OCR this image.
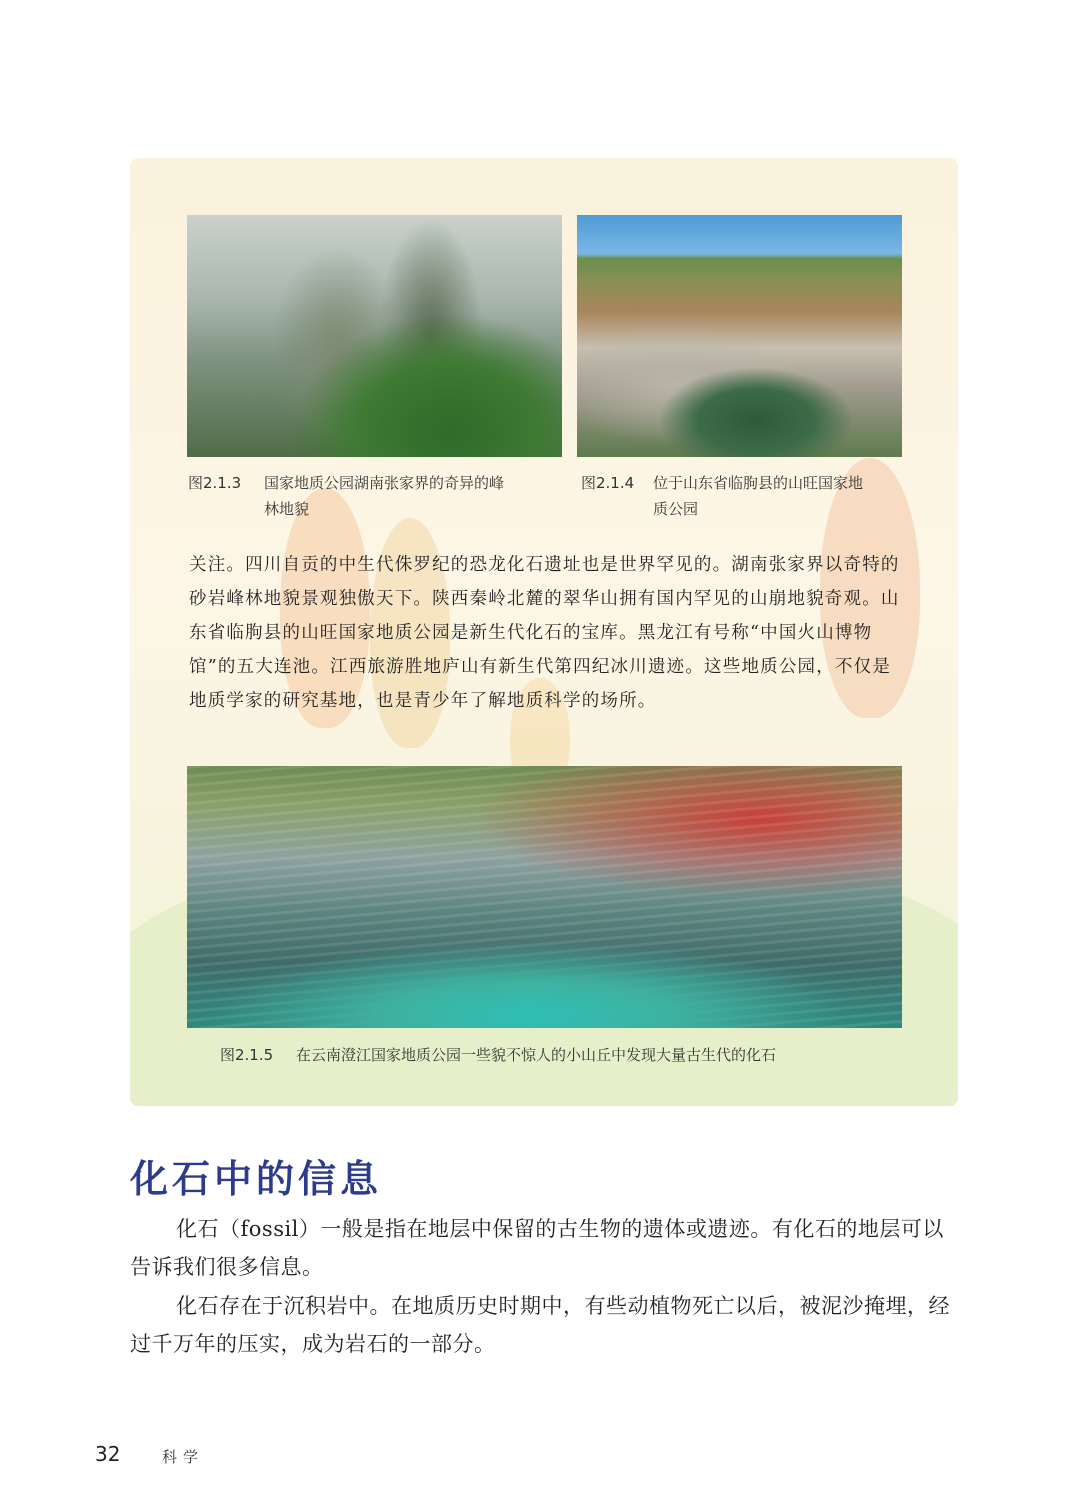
图2.1.3 国家地质公园湖南张家界的奇异的峰
林地貌
图2.1.4 位于山东省临朐县的山旺国家地
质公园

关注。四川自贡的中生代侏罗纪的恐龙化石遗址也是世界罕见的。湖南张家界以奇特的砂岩峰林地貌景观独傲天下。陕西秦岭北麓的翠华山拥有国内罕见的山崩地貌奇观。山东省临朐县的山旺国家地质公园是新生代化石的宝库。黑龙江有号称“中国火山博物馆”的五大连池。江西旅游胜地庐山有新生代第四纪冰川遗迹。这些地质公园，不仅是地质学家的研究基地，也是青少年了解地质科学的场所。

图2.1.5 在云南澄江国家地质公园一些貌不惊人的小山丘中发现大量古生代的化石
化石中的信息

化石（fossil）一般是指在地层中保留的古生物的遗体或遗迹。有化石的地层可以告诉我们很多信息。

化石存在于沉积岩中。在地质历史时期中，有些动植物死亡以后，被泥沙掩埋，经过千万年的压实，成为岩石的一部分。

32	科学
